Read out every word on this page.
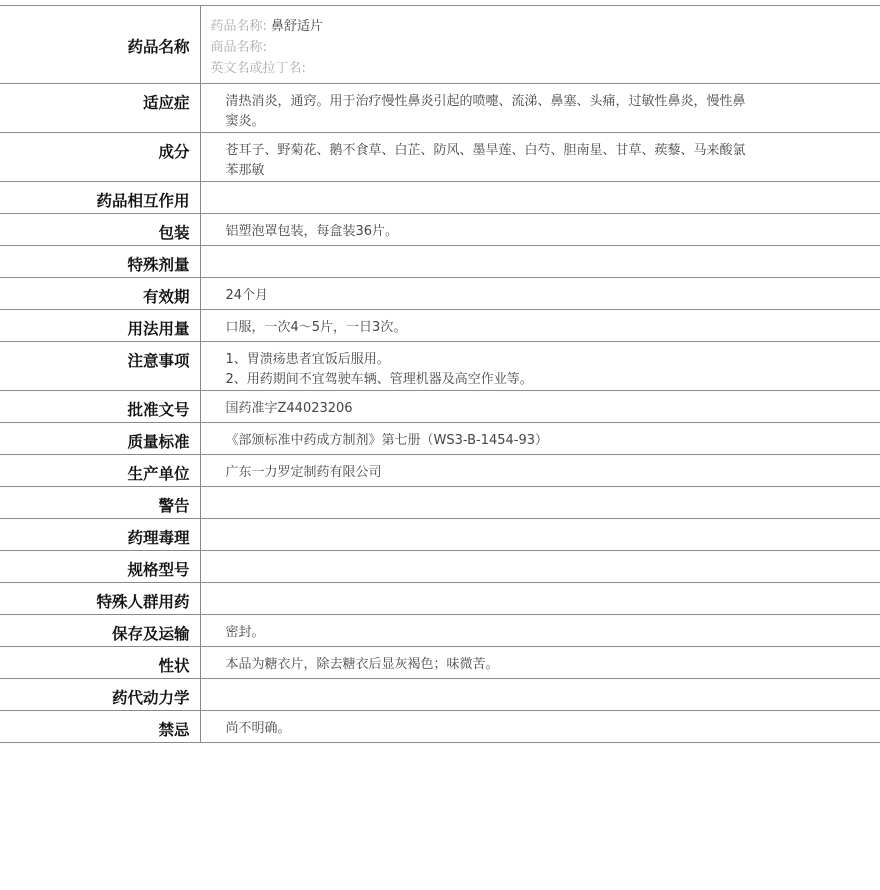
药品名称	药品名称: 鼻舒适片
商品名称:
英文名或拉丁名:

适应症	清热消炎，通窍。用于治疗慢性鼻炎引起的喷嚏、流涕、鼻塞、头痛，过敏性鼻炎，慢性鼻
窦炎。

成分	苍耳子、野菊花、鹅不食草、白芷、防风、墨旱莲、白芍、胆南星、甘草、蒺藜、马来酸氯
苯那敏

药品相互作用	
包装	铝塑泡罩包装，每盒装36片。

特殊剂量	
有效期	24个月

用法用量	口服，一次4～5片，一日3次。

注意事项	1、胃溃疡患者宜饭后服用。
2、用药期间不宜驾驶车辆、管理机器及高空作业等。

批准文号	国药准字Z44023206

质量标准	《部颁标准中药成方制剂》第七册（WS3-B-1454-93）

生产单位	广东一力罗定制药有限公司

警告	
药理毒理	
规格型号	
特殊人群用药	
保存及运输	密封。

性状	本品为糖衣片，除去糖衣后显灰褐色；味微苦。

药代动力学	
禁忌	尚不明确。
